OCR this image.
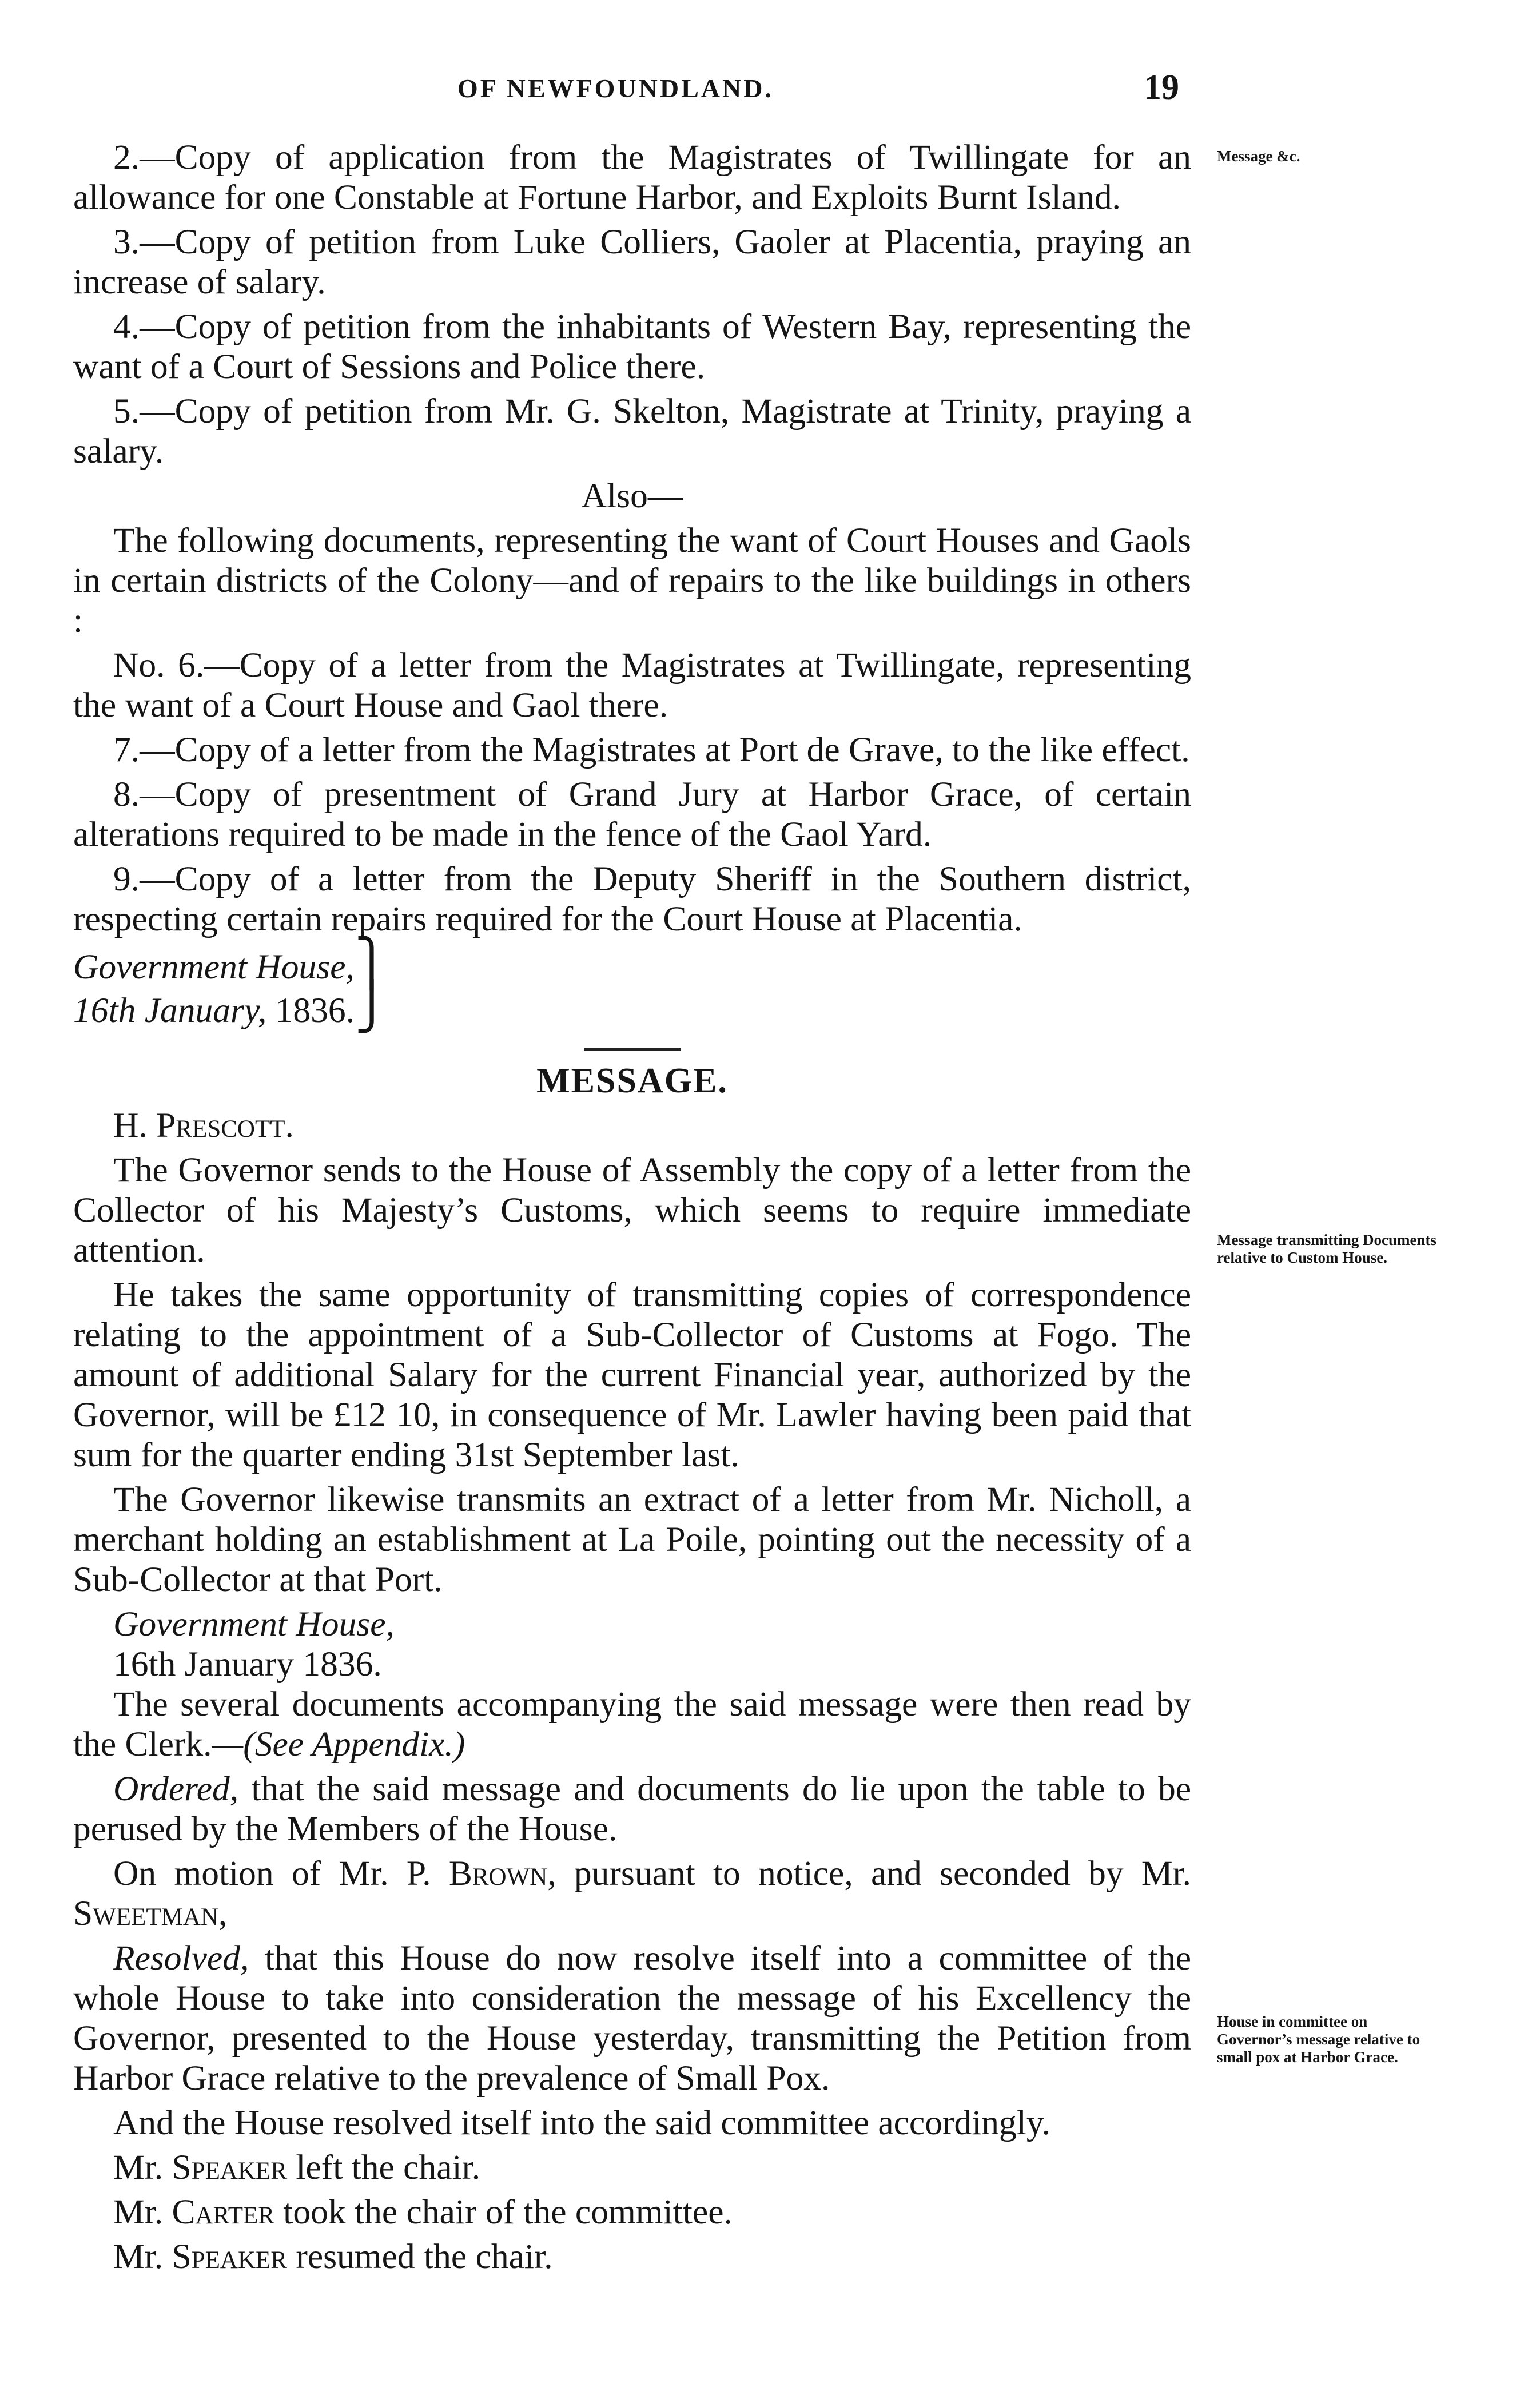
OF NEWFOUNDLAND.	19
Message &c.
Message transmitting Documents relative to Custom House.
House in committee on Governor’s message relative to small pox at Harbor Grace.

2.—Copy of application from the Magistrates of Twillingate for an allowance for one Constable at Fortune Harbor, and Exploits Burnt Island.

3.—Copy of petition from Luke Colliers, Gaoler at Placentia, praying an increase of salary.

4.—Copy of petition from the inhabitants of Western Bay, representing the want of a Court of Sessions and Police there.

5.—Copy of petition from Mr. G. Skelton, Magistrate at Trinity, praying a salary.

Also—

The following documents, representing the want of Court Houses and Gaols in certain districts of the Colony—and of repairs to the like buildings in others :

No. 6.—Copy of a letter from the Magistrates at Twillingate, representing the want of a Court House and Gaol there.

7.—Copy of a letter from the Magistrates at Port de Grave, to the like effect.

8.—Copy of presentment of Grand Jury at Harbor Grace, of certain alterations required to be made in the fence of the Gaol Yard.

9.—Copy of a letter from the Deputy Sheriff in the Southern district, respecting certain repairs required for the Court House at Placentia.

Government House,⎫
16th January, 1836.⎭

MESSAGE.

H. Prescott.

The Governor sends to the House of Assembly the copy of a letter from the Collector of his Majesty’s Customs, which seems to require immediate attention.

He takes the same opportunity of transmitting copies of correspondence relating to the appointment of a Sub-Collector of Customs at Fogo. The amount of additional Salary for the current Financial year, authorized by the Governor, will be £12 10, in consequence of Mr. Lawler having been paid that sum for the quarter ending 31st September last.

The Governor likewise transmits an extract of a letter from Mr. Nicholl, a merchant holding an establishment at La Poile, pointing out the necessity of a Sub-Collector at that Port.

Government House,
16th January 1836.

The several documents accompanying the said message were then read by the Clerk.—(See Appendix.)

Ordered, that the said message and documents do lie upon the table to be perused by the Members of the House.

On motion of Mr. P. Brown, pursuant to notice, and seconded by Mr. Sweetman,

Resolved, that this House do now resolve itself into a committee of the whole House to take into consideration the message of his Excellency the Governor, presented to the House yesterday, transmitting the Petition from Harbor Grace relative to the prevalence of Small Pox.

And the House resolved itself into the said committee accordingly.

Mr. Speaker left the chair.

Mr. Carter took the chair of the committee.

Mr. Speaker resumed the chair.
